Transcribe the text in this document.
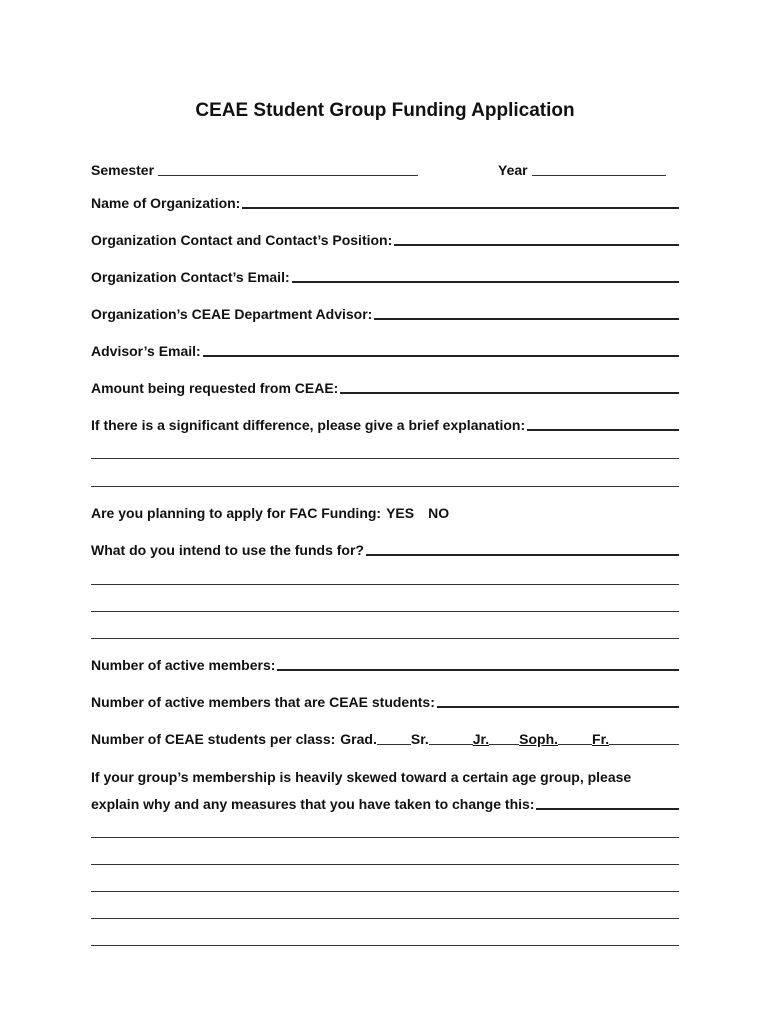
CEAE Student Group Funding Application
Semester	Year
Name of Organization:
Organization Contact and Contact’s Position:
Organization Contact’s Email:
Organization’s CEAE Department Advisor:
Advisor’s Email:
Amount being requested from CEAE:
If there is a significant difference, please give a brief explanation:
Are you planning to apply for FAC Funding: YES NO
What do you intend to use the funds for?
Number of active members:
Number of active members that are CEAE students:
Number of CEAE students per class: Grad. Sr.	Jr. Soph. Fr.
If your group’s membership is heavily skewed toward a certain age group, please
explain why and any measures that you have taken to change this:
